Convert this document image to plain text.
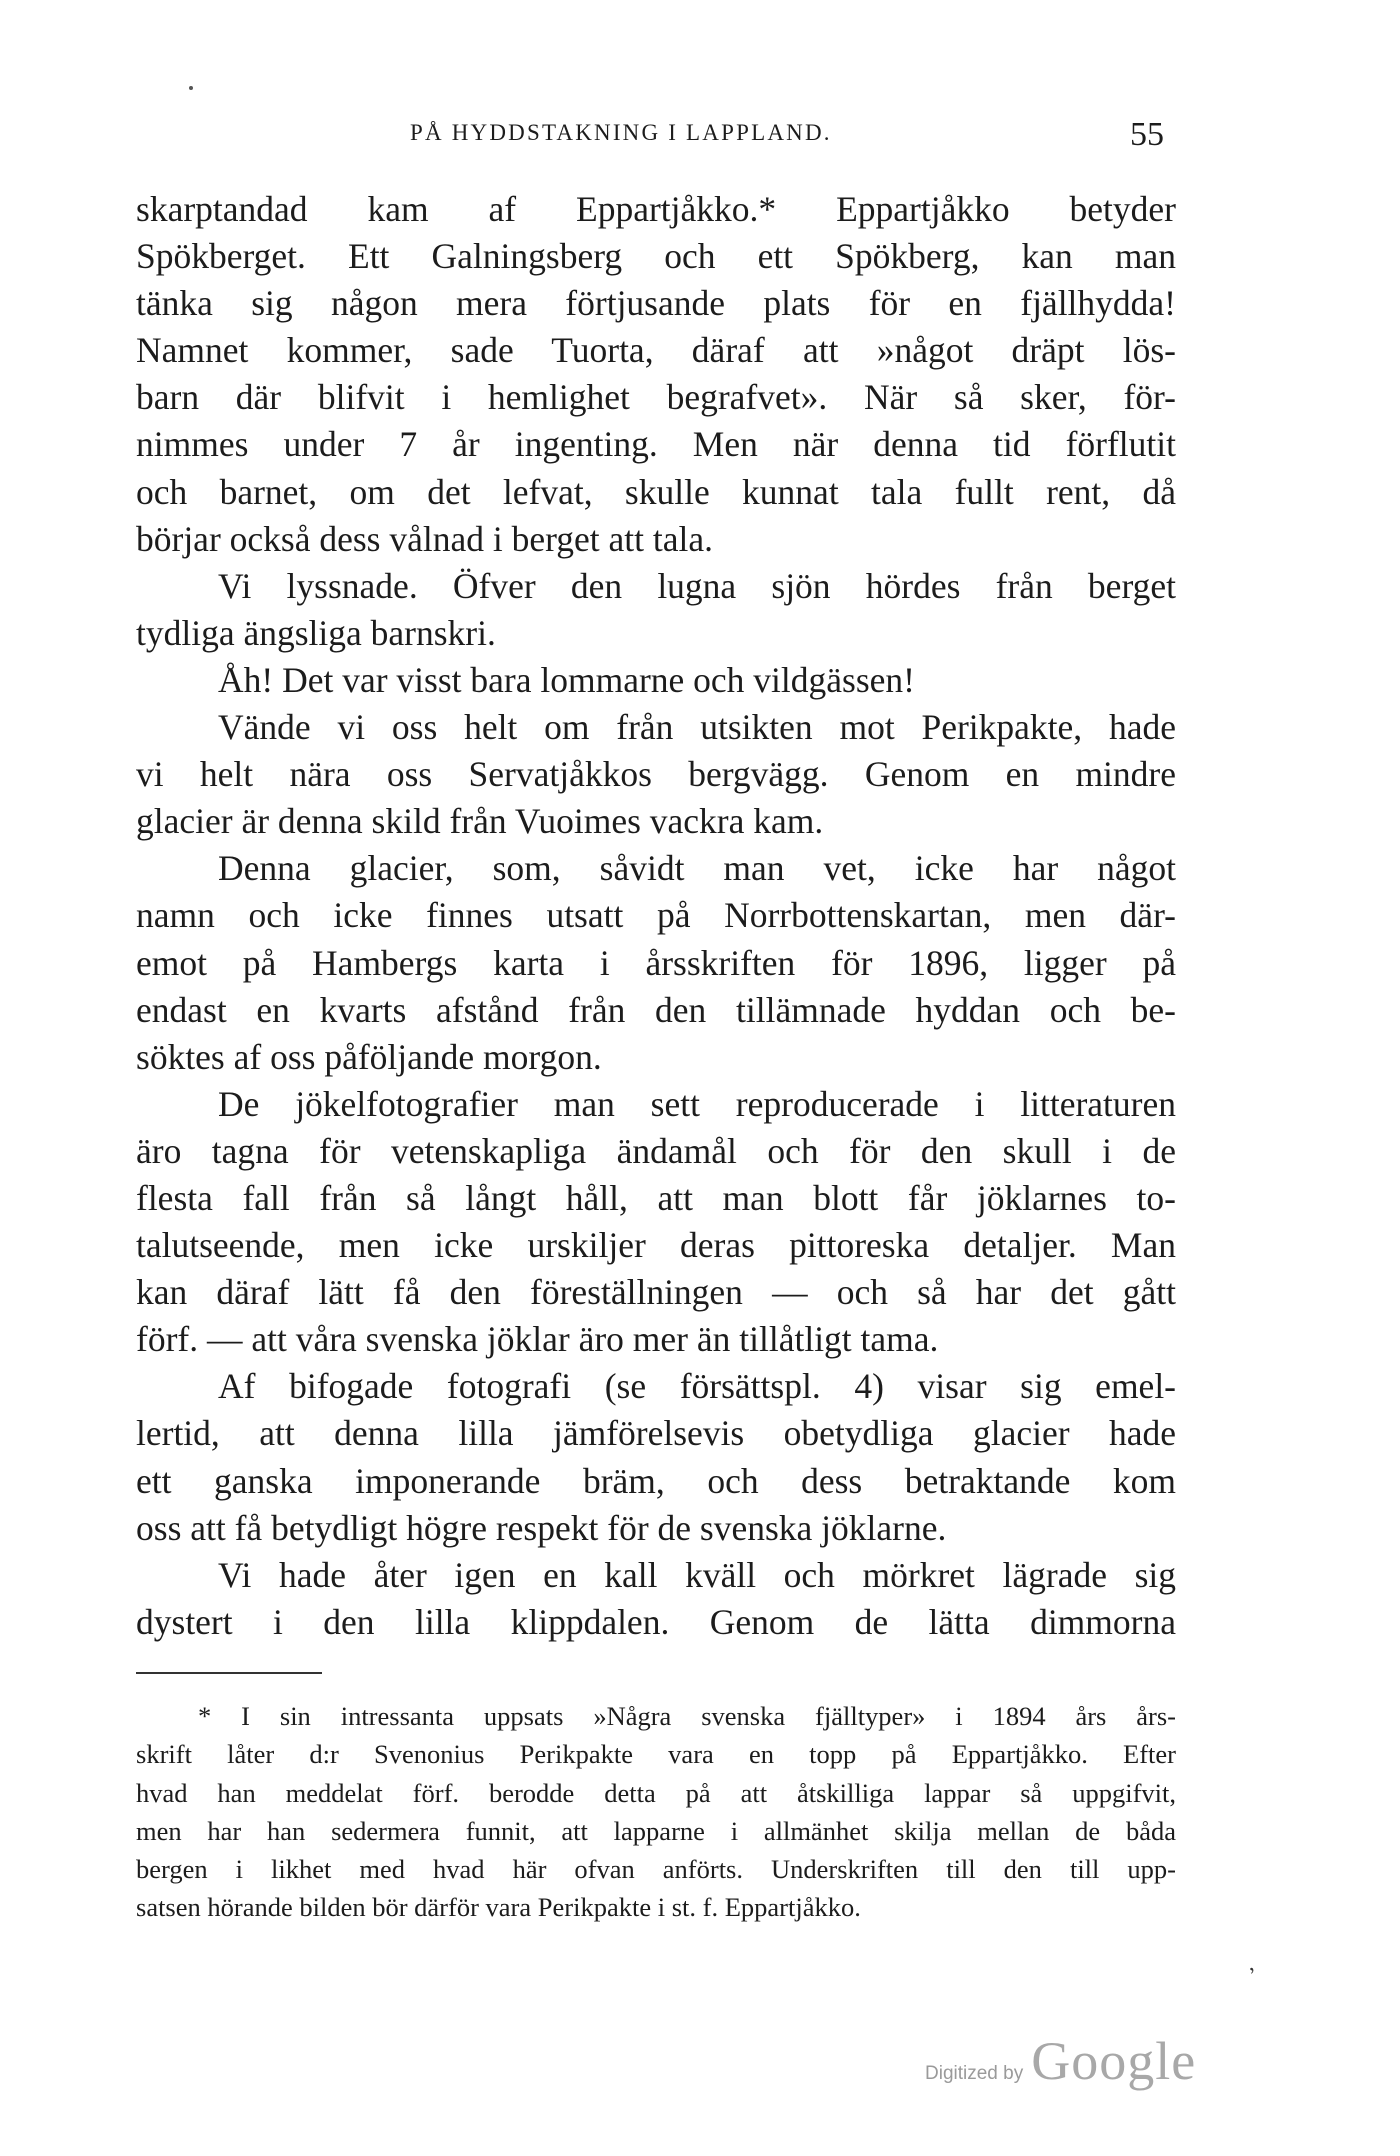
PÅ HYDDSTAKNING I LAPPLAND.	55
skarptandad kam af Eppartjåkko.* Eppartjåkko betyder
Spökberget. Ett Galningsberg och ett Spökberg, kan man
tänka sig någon mera förtjusande plats för en fjällhydda!
Namnet kommer, sade Tuorta, däraf att »något dräpt lös-
barn där blifvit i hemlighet begrafvet». När så sker, för-
nimmes under 7 år ingenting. Men när denna tid förflutit
och barnet, om det lefvat, skulle kunnat tala fullt rent, då
börjar också dess vålnad i berget att tala.
Vi lyssnade. Öfver den lugna sjön hördes från berget
tydliga ängsliga barnskri.
Åh! Det var visst bara lommarne och vildgässen!
Vände vi oss helt om från utsikten mot Perikpakte, hade
vi helt nära oss Servatjåkkos bergvägg. Genom en mindre
glacier är denna skild från Vuoimes vackra kam.
Denna glacier, som, såvidt man vet, icke har något
namn och icke finnes utsatt på Norrbottenskartan, men där-
emot på Hambergs karta i årsskriften för 1896, ligger på
endast en kvarts afstånd från den tillämnade hyddan och be-
söktes af oss påföljande morgon.
De jökelfotografier man sett reproducerade i litteraturen
äro tagna för vetenskapliga ändamål och för den skull i de
flesta fall från så långt håll, att man blott får jöklarnes to-
talutseende, men icke urskiljer deras pittoreska detaljer. Man
kan däraf lätt få den föreställningen — och så har det gått
förf. — att våra svenska jöklar äro mer än tillåtligt tama.
Af bifogade fotografi (se försättspl. 4) visar sig emel-
lertid, att denna lilla jämförelsevis obetydliga glacier hade
ett ganska imponerande bräm, och dess betraktande kom
oss att få betydligt högre respekt för de svenska jöklarne.
Vi hade åter igen en kall kväll och mörkret lägrade sig
dystert i den lilla klippdalen. Genom de lätta dimmorna
* I sin intressanta uppsats »Några svenska fjälltyper» i 1894 års års-
skrift låter d:r Svenonius Perikpakte vara en topp på Eppartjåkko. Efter
hvad han meddelat förf. berodde detta på att åtskilliga lappar så uppgifvit,
men har han sedermera funnit, att lapparne i allmänhet skilja mellan de båda
bergen i likhet med hvad här ofvan anförts. Underskriften till den till upp-
satsen hörande bilden bör därför vara Perikpakte i st. f. Eppartjåkko.
ʼ
Digitized by Google
